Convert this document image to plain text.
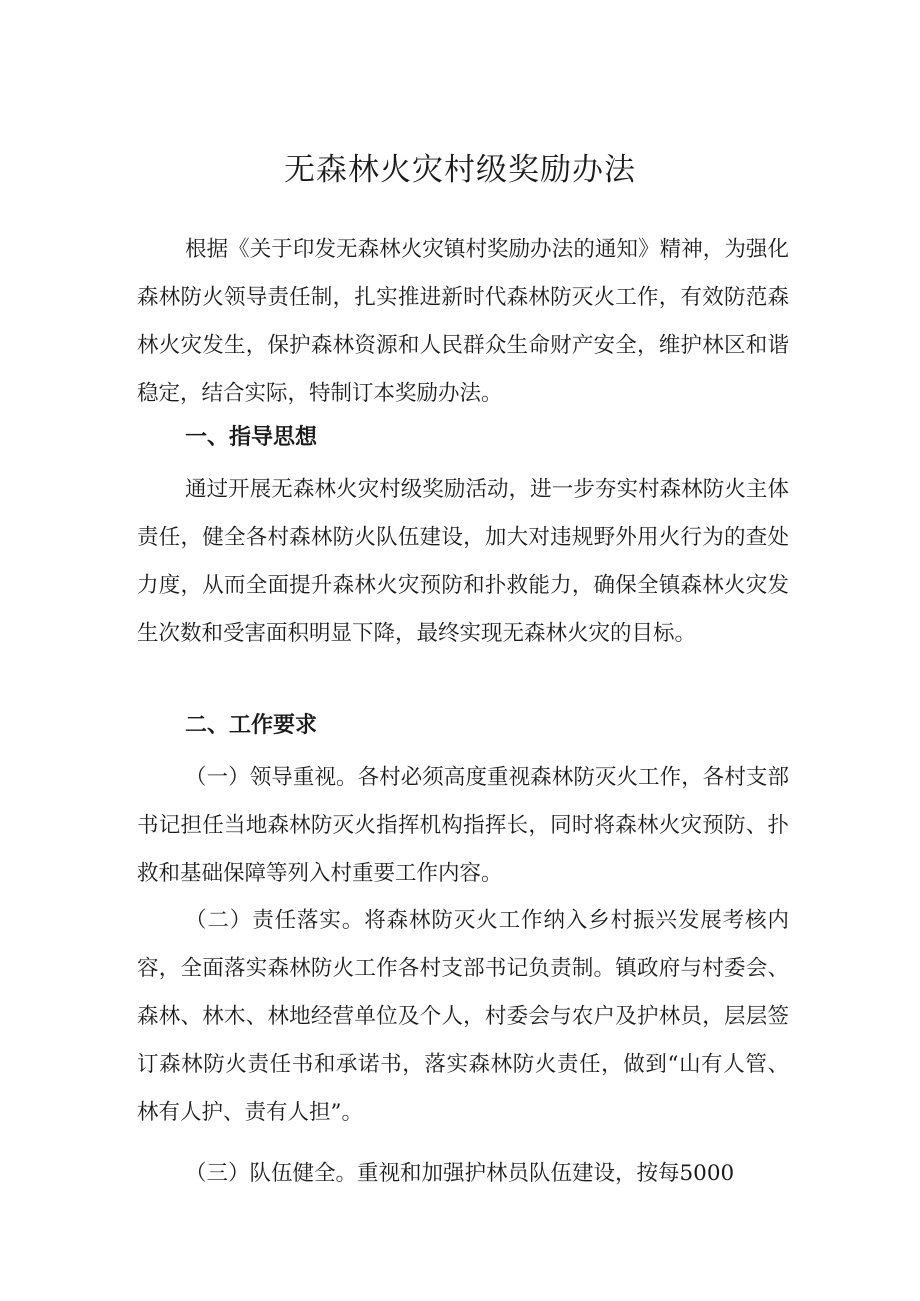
无森林火灾村级奖励办法

根据《关于印发无森林火灾镇村奖励办法的通知》精神，为强化森林防火领导责任制，扎实推进新时代森林防灭火工作，有效防范森林火灾发生，保护森林资源和人民群众生命财产安全，维护林区和谐稳定，结合实际，特制订本奖励办法。

一、指导思想

通过开展无森林火灾村级奖励活动，进一步夯实村森林防火主体责任，健全各村森林防火队伍建设，加大对违规野外用火行为的查处力度，从而全面提升森林火灾预防和扑救能力，确保全镇森林火灾发生次数和受害面积明显下降，最终实现无森林火灾的目标。

二、工作要求

（一）领导重视。各村必须高度重视森林防灭火工作，各村支部书记担任当地森林防灭火指挥机构指挥长，同时将森林火灾预防、扑救和基础保障等列入村重要工作内容。

（二）责任落实。将森林防灭火工作纳入乡村振兴发展考核内容，全面落实森林防火工作各村支部书记负责制。镇政府与村委会、森林、林木、林地经营单位及个人，村委会与农户及护林员，层层签订森林防火责任书和承诺书，落实森林防火责任，做到“山有人管、林有人护、责有人担”。

（三）队伍健全。重视和加强护林员队伍建设，按每5000
